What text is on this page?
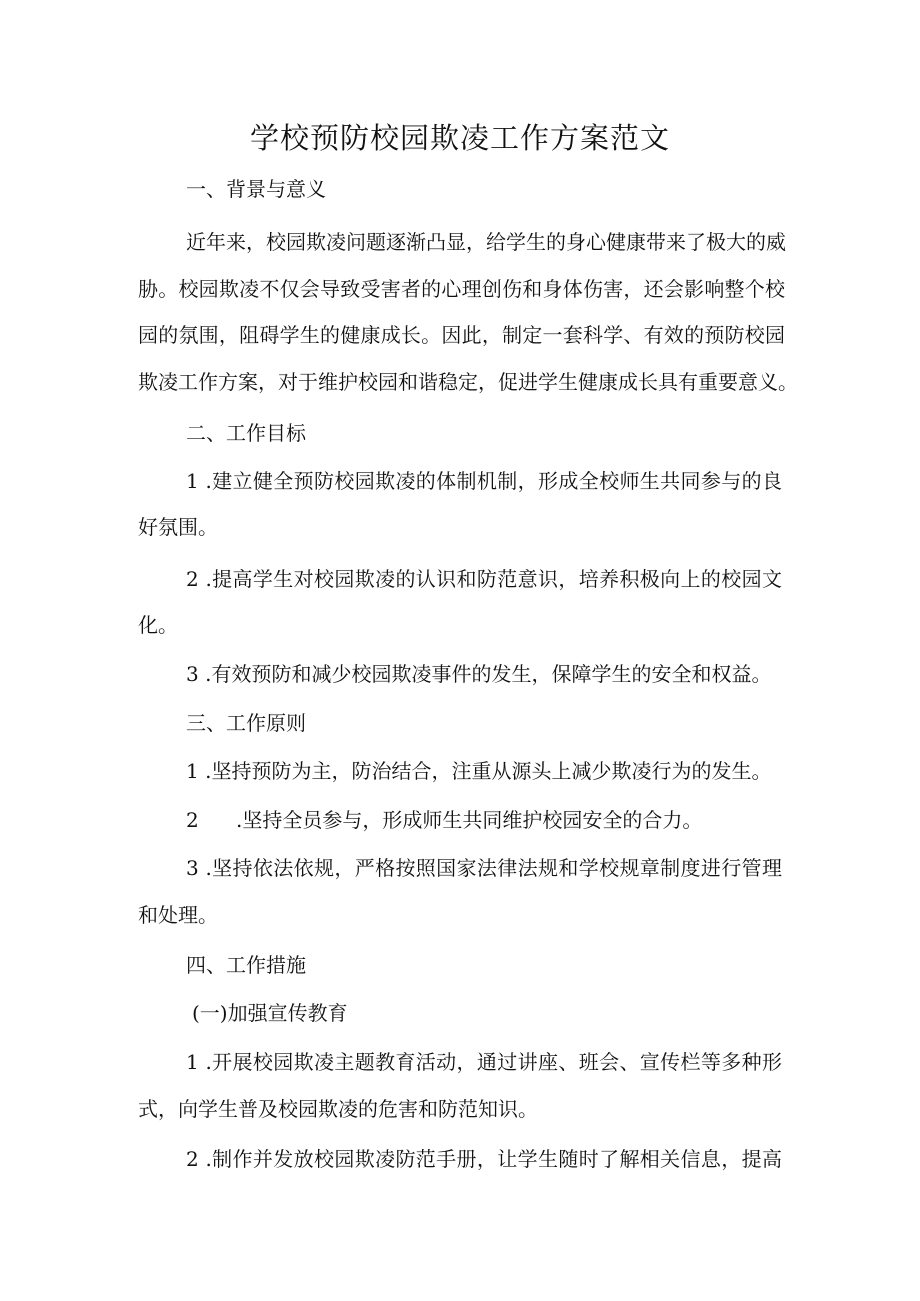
学校预防校园欺凌工作方案范文
一、背景与意义
近年来，校园欺凌问题逐渐凸显，给学生的身心健康带来了极大的威
胁。校园欺凌不仅会导致受害者的心理创伤和身体伤害，还会影响整个校
园的氛围，阻碍学生的健康成长。因此，制定一套科学、有效的预防校园
欺凌工作方案，对于维护校园和谐稳定，促进学生健康成长具有重要意义。
二、工作目标
1 .建立健全预防校园欺凌的体制机制，形成全校师生共同参与的良
好氛围。
2 .提高学生对校园欺凌的认识和防范意识，培养积极向上的校园文
化。
3 .有效预防和减少校园欺凌事件的发生，保障学生的安全和权益。
三、工作原则
1 .坚持预防为主，防治结合，注重从源头上减少欺凌行为的发生。
2 .坚持全员参与，形成师生共同维护校园安全的合力。
3 .坚持依法依规，严格按照国家法律法规和学校规章制度进行管理
和处理。
四、工作措施
(一)加强宣传教育
1 .开展校园欺凌主题教育活动，通过讲座、班会、宣传栏等多种形
式，向学生普及校园欺凌的危害和防范知识。
2 .制作并发放校园欺凌防范手册，让学生随时了解相关信息，提高
